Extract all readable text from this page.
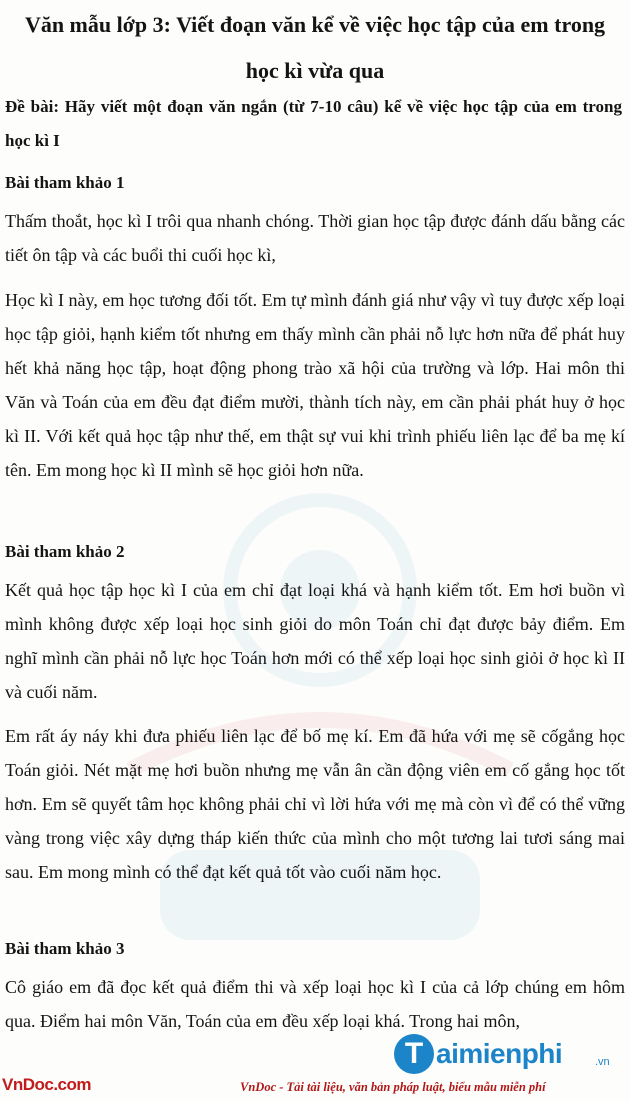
Văn mẫu lớp 3: Viết đoạn văn kể về việc học tập của em trong học kì vừa qua

Đề bài: Hãy viết một đoạn văn ngắn (từ 7-10 câu) kể về việc học tập của em trong học kì I

Bài tham khảo 1

Thấm thoắt, học kì I trôi qua nhanh chóng. Thời gian học tập được đánh dấu bằng các tiết ôn tập và các buổi thi cuối học kì,

Học kì I này, em học tương đối tốt. Em tự mình đánh giá như vậy vì tuy được xếp loại học tập giỏi, hạnh kiểm tốt nhưng em thấy mình cần phải nỗ lực hơn nữa để phát huy hết khả năng học tập, hoạt động phong trào xã hội của trường và lớp. Hai môn thi Văn và Toán của em đều đạt điểm mười, thành tích này, em cần phải phát huy ở học kì II. Với kết quả học tập như thế, em thật sự vui khi trình phiếu liên lạc để ba mẹ kí tên. Em mong học kì II mình sẽ học giỏi hơn nữa.

Bài tham khảo 2

Kết quả học tập học kì I của em chỉ đạt loại khá và hạnh kiểm tốt. Em hơi buồn vì mình không được xếp loại học sinh giỏi do môn Toán chỉ đạt được bảy điểm. Em nghĩ mình cần phải nỗ lực học Toán hơn mới có thể xếp loại học sinh giỏi ở học kì II và cuối năm.

Em rất áy náy khi đưa phiếu liên lạc để bố mẹ kí. Em đã hứa với mẹ sẽ cốgắng học Toán giỏi. Nét mặt mẹ hơi buồn nhưng mẹ vẫn ân cần động viên em cố gắng học tốt hơn. Em sẽ quyết tâm học không phải chỉ vì lời hứa với mẹ mà còn vì để có thể vững vàng trong việc xây dựng tháp kiến thức của mình cho một tương lai tươi sáng mai sau. Em mong mình có thể đạt kết quả tốt vào cuối năm học.

Bài tham khảo 3

Cô giáo em đã đọc kết quả điểm thi và xếp loại học kì I của cả lớp chúng em hôm qua. Điểm hai môn Văn, Toán của em đều xếp loại khá. Trong hai môn,

T aimienphi	.vn
VnDoc.com	VnDoc - Tải tài liệu, văn bản pháp luật, biểu mẫu miễn phí
